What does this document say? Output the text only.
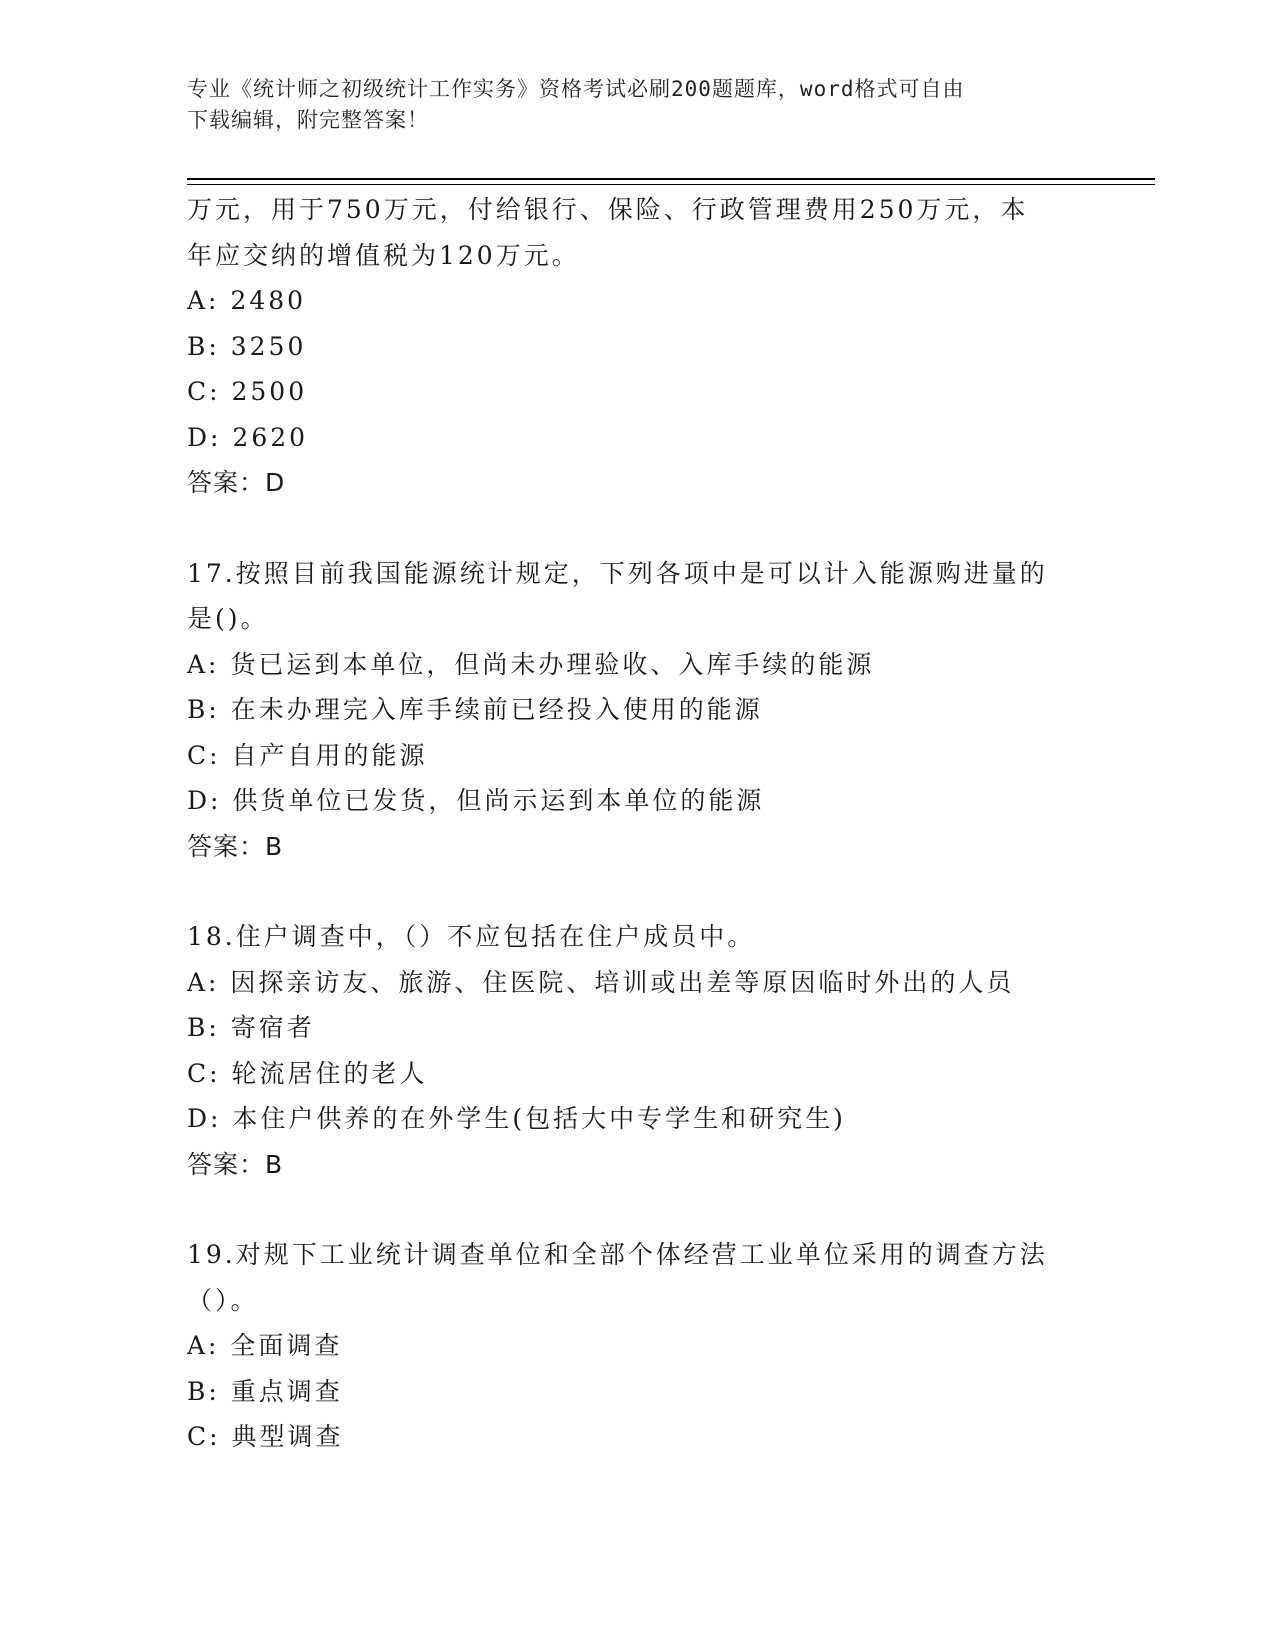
专业《统计师之初级统计工作实务》资格考试必刷200题题库，word格式可自由
下载编辑，附完整答案！
万元，用于750万元，付给银行、保险、行政管理费用250万元，本
年应交纳的增值税为120万元。
A: 2480
B: 3250
C: 2500
D: 2620
答案：D
17.按照目前我国能源统计规定，下列各项中是可以计入能源购进量的
是()。
A: 货已运到本单位，但尚未办理验收、入库手续的能源
B: 在未办理完入库手续前已经投入使用的能源
C: 自产自用的能源
D: 供货单位已发货，但尚示运到本单位的能源
答案：B
18.住户调查中，（）不应包括在住户成员中。
A: 因探亲访友、旅游、住医院、培训或出差等原因临时外出的人员
B: 寄宿者
C: 轮流居住的老人
D: 本住户供养的在外学生(包括大中专学生和研究生)
答案：B
19.对规下工业统计调查单位和全部个体经营工业单位采用的调查方法
（）。
A: 全面调查
B: 重点调查
C: 典型调查
